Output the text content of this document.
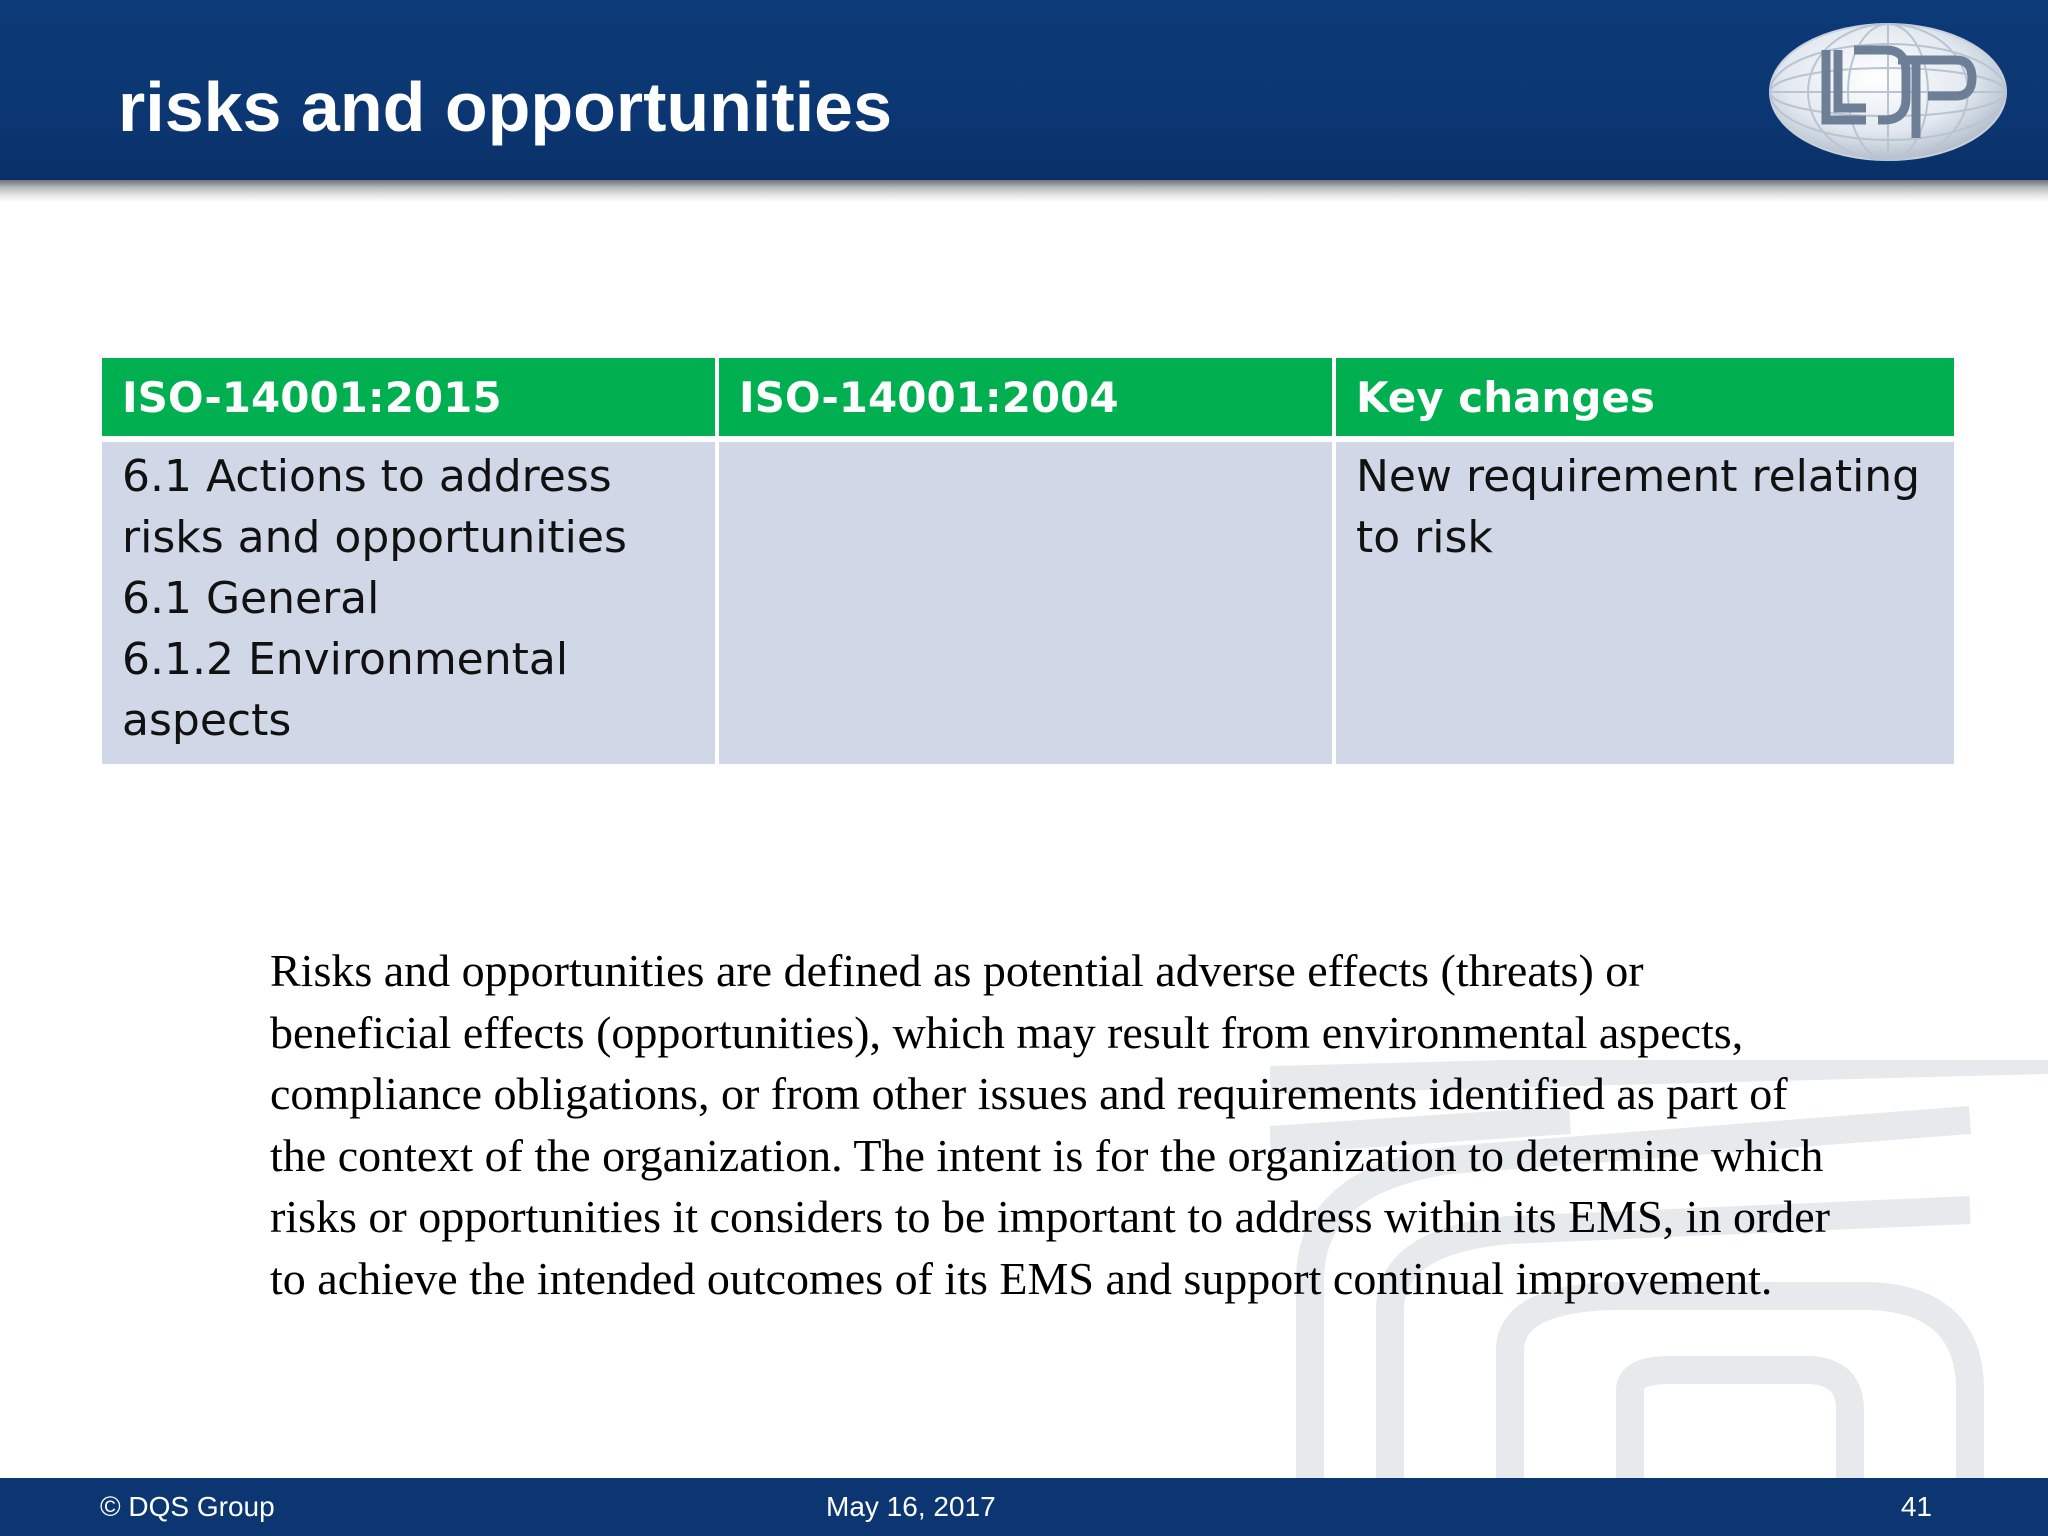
risks and opportunities
ISO-14001:2015	ISO-14001:2004	Key changes

6.1 Actions to address risks and opportunities
6.1 General
6.1.2 Environmental aspects		New requirement relating to risk

Risks and opportunities are defined as potential adverse effects (threats) or beneficial effects (opportunities), which may result from environmental aspects, compliance obligations, or from other issues and requirements identified as part of the context of the organization. The intent is for the organization to determine which risks or opportunities it considers to be important to address within its EMS, in order to achieve the intended outcomes of its EMS and support continual improvement.

© DQS Group	May 16, 2017	41
